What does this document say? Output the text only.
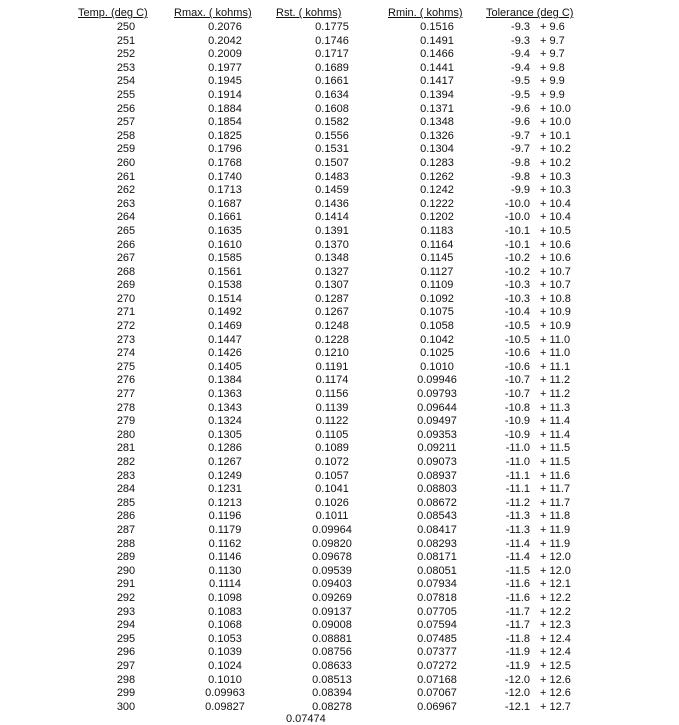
Temp. (deg C)	Rmax. ( kohms)	Rst. ( kohms)	Rmin. ( kohms)	Tolerance (deg C)
250	0.2076	0.1775	0.1516	-9.3 + 9.6
251	0.2042	0.1746	0.1491	-9.3 + 9.7
252	0.2009	0.1717	0.1466	-9.4 + 9.7
253	0.1977	0.1689	0.1441	-9.4 + 9.8
254	0.1945	0.1661	0.1417	-9.5 + 9.9
255	0.1914	0.1634	0.1394	-9.5 + 9.9
256	0.1884	0.1608	0.1371	-9.6 + 10.0
257	0.1854	0.1582	0.1348	-9.6 + 10.0
258	0.1825	0.1556	0.1326	-9.7 + 10.1
259	0.1796	0.1531	0.1304	-9.7 + 10.2
260	0.1768	0.1507	0.1283	-9.8 + 10.2
261	0.1740	0.1483	0.1262	-9.8 + 10.3
262	0.1713	0.1459	0.1242	-9.9 + 10.3
263	0.1687	0.1436	0.1222	-10.0 + 10.4
264	0.1661	0.1414	0.1202	-10.0 + 10.4
265	0.1635	0.1391	0.1183	-10.1 + 10.5
266	0.1610	0.1370	0.1164	-10.1 + 10.6
267	0.1585	0.1348	0.1145	-10.2 + 10.6
268	0.1561	0.1327	0.1127	-10.2 + 10.7
269	0.1538	0.1307	0.1109	-10.3 + 10.7
270	0.1514	0.1287	0.1092	-10.3 + 10.8
271	0.1492	0.1267	0.1075	-10.4 + 10.9
272	0.1469	0.1248	0.1058	-10.5 + 10.9
273	0.1447	0.1228	0.1042	-10.5 + 11.0
274	0.1426	0.1210	0.1025	-10.6 + 11.0
275	0.1405	0.1191	0.1010	-10.6 + 11.1
276	0.1384	0.1174	0.09946	-10.7 + 11.2
277	0.1363	0.1156	0.09793	-10.7 + 11.2
278	0.1343	0.1139	0.09644	-10.8 + 11.3
279	0.1324	0.1122	0.09497	-10.9 + 11.4
280	0.1305	0.1105	0.09353	-10.9 + 11.4
281	0.1286	0.1089	0.09211	-11.0 + 11.5
282	0.1267	0.1072	0.09073	-11.0 + 11.5
283	0.1249	0.1057	0.08937	-11.1 + 11.6
284	0.1231	0.1041	0.08803	-11.1 + 11.7
285	0.1213	0.1026	0.08672	-11.2 + 11.7
286	0.1196	0.1011	0.08543	-11.3 + 11.8
287	0.1179	0.09964	0.08417	-11.3 + 11.9
288	0.1162	0.09820	0.08293	-11.4 + 11.9
289	0.1146	0.09678	0.08171	-11.4 + 12.0
290	0.1130	0.09539	0.08051	-11.5 + 12.0
291	0.1114	0.09403	0.07934	-11.6 + 12.1
292	0.1098	0.09269	0.07818	-11.6 + 12.2
293	0.1083	0.09137	0.07705	-11.7 + 12.2
294	0.1068	0.09008	0.07594	-11.7 + 12.3
295	0.1053	0.08881	0.07485	-11.8 + 12.4
296	0.1039	0.08756	0.07377	-11.9 + 12.4
297	0.1024	0.08633	0.07272	-11.9 + 12.5
298	0.1010	0.08513	0.07168	-12.0 + 12.6
299	0.09963	0.08394	0.07067	-12.0 + 12.6
300	0.09827	0.08278	0.06967	-12.1 + 12.7
0.07474
